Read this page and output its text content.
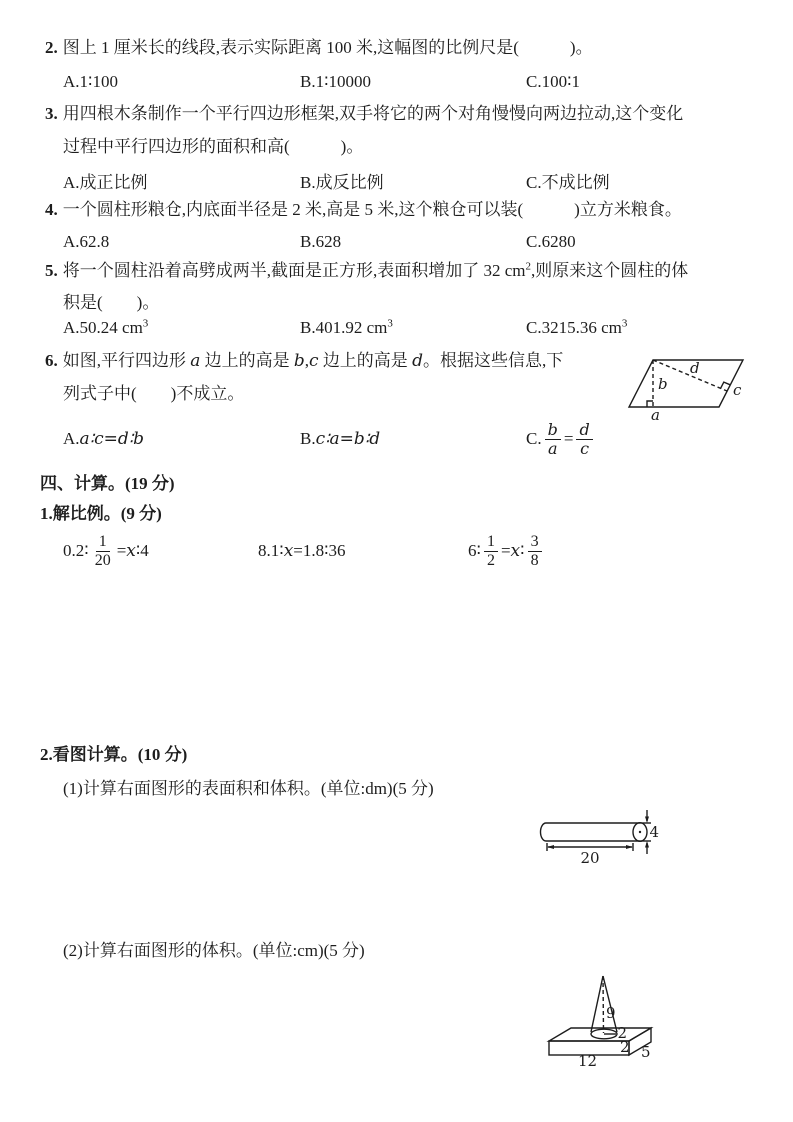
2. 图上 1 厘米长的线段,表示实际距离 100 米,这幅图的比例尺是(　　　)。
A.1∶100	B.1∶10000	C.100∶1
3. 用四根木条制作一个平行四边形框架,双手将它的两个对角慢慢向两边拉动,这个变化
过程中平行四边形的面积和高(　　　)。
A.成正比例	B.成反比例	C.不成比例
4. 一个圆柱形粮仓,内底面半径是 2 米,高是 5 米,这个粮仓可以装(　　　)立方米粮食。
A.62.8	B.628	C.6280
5. 将一个圆柱沿着高劈成两半,截面是正方形,表面积增加了 32 $cm^2$,则原来这个圆柱的体
积是(　　)。
A.50.24 $cm^3$	B.401.92 $cm^3$	C.3215.36 $cm^3$
6. 如图,平行四边形 a 边上的高是 b,c 边上的高是 d。根据这些信息,下
列式子中(　　)不成立。
A. a∶c=d∶b	B. c∶a=b∶d	C. $\frac{b}{a} = \frac{d}{c}$
b
a
d
c
四、计算。(19 分)
1.解比例。(9 分)
0.2∶ $\frac{1}{20} = x$ ∶4	8.1∶ x =1.8∶36	6∶ $\frac{1}{2} = x$ ∶ $\frac{3}{8}$
2.看图计算。(10 分)
(1)计算右面图形的表面积和体积。(单位:dm)(5 分)
20
4
(2)计算右面图形的体积。(单位:cm)(5 分)
9
2
2 5
12
